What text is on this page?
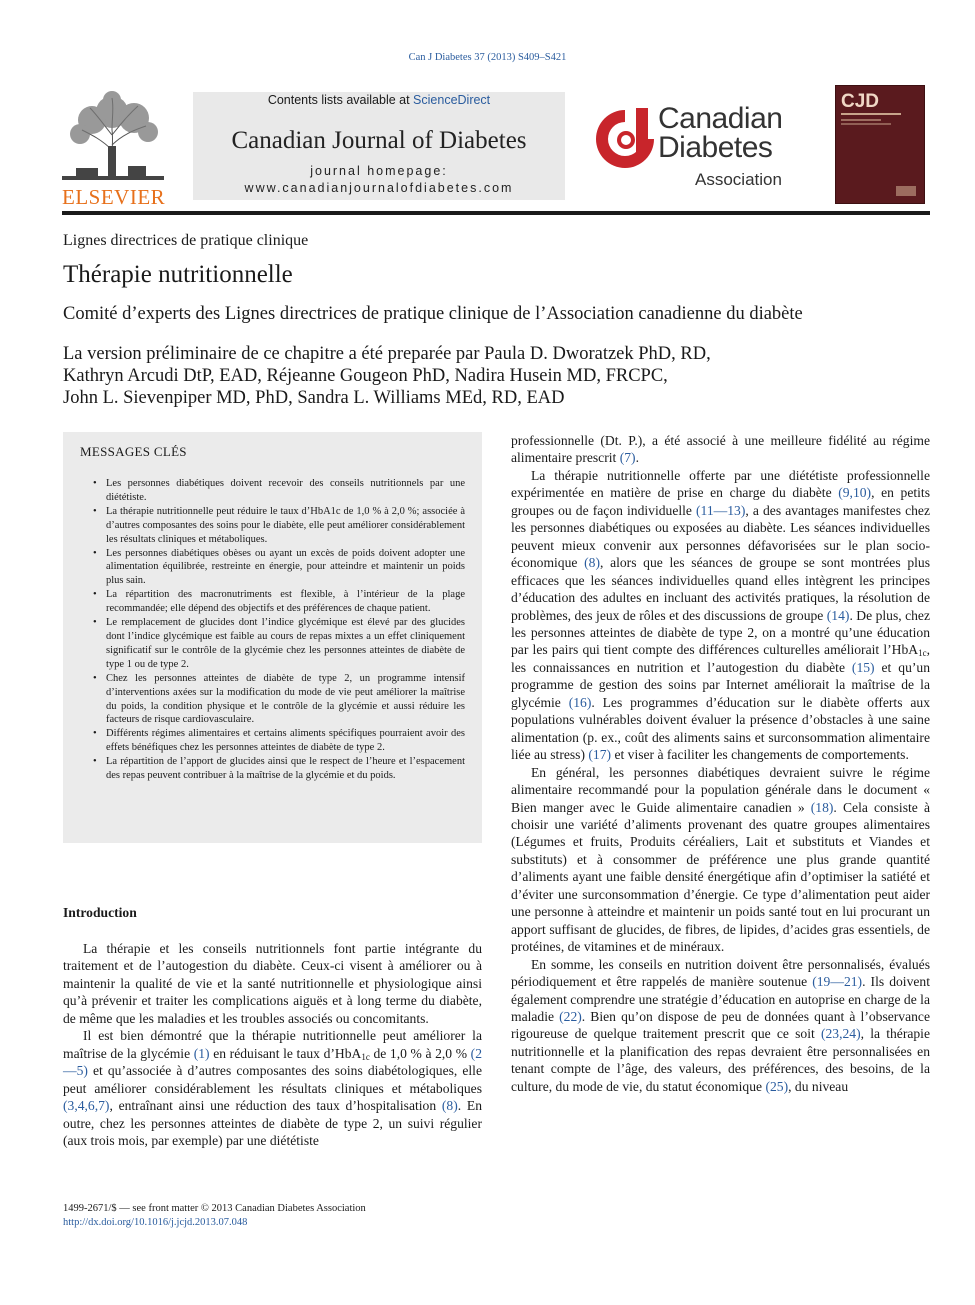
Can J Diabetes 37 (2013) S409–S421
ELSEVIER
Contents lists available at ScienceDirect
Canadian Journal of Diabetes
journal homepage:
www.canadianjournalofdiabetes.com
Canadian
Diabetes
Association
CJD
Lignes directrices de pratique clinique
Thérapie nutritionnelle
Comité d’experts des Lignes directrices de pratique clinique de l’Association canadienne du diabète
La version préliminaire de ce chapitre a été preparée par Paula D. Dworatzek PhD, RD,
Kathryn Arcudi DtP, EAD, Réjeanne Gougeon PhD, Nadira Husein MD, FRCPC,
John L. Sievenpiper MD, PhD, Sandra L. Williams MEd, RD, EAD
MESSAGES CLÉS
• Les personnes diabétiques doivent recevoir des conseils nutritionnels par une diététiste.
• La thérapie nutritionnelle peut réduire le taux d’HbA1c de 1,0 % à 2,0 %; associée à d’autres composantes des soins pour le diabète, elle peut améliorer considérablement les résultats cliniques et métaboliques.
• Les personnes diabétiques obèses ou ayant un excès de poids doivent adopter une alimentation équilibrée, restreinte en énergie, pour atteindre et maintenir un poids plus sain.
• La répartition des macronutriments est flexible, à l’intérieur de la plage recommandée; elle dépend des objectifs et des préférences de chaque patient.
• Le remplacement de glucides dont l’indice glycémique est élevé par des glucides dont l’indice glycémique est faible au cours de repas mixtes a un effet cliniquement significatif sur le contrôle de la glycémie chez les personnes atteintes de diabète de type 1 ou de type 2.
• Chez les personnes atteintes de diabète de type 2, un programme intensif d’interventions axées sur la modification du mode de vie peut améliorer la maîtrise du poids, la condition physique et le contrôle de la glycémie et aussi réduire les facteurs de risque cardiovasculaire.
• Différents régimes alimentaires et certains aliments spécifiques pourraient avoir des effets bénéfiques chez les personnes atteintes de diabète de type 2.
• La répartition de l’apport de glucides ainsi que le respect de l’heure et l’espacement des repas peuvent contribuer à la maîtrise de la glycémie et du poids.
Introduction

La thérapie et les conseils nutritionnels font partie intégrante du traitement et de l’autogestion du diabète. Ceux-ci visent à améliorer ou à maintenir la qualité de vie et la santé nutritionnelle et physiologique ainsi qu’à prévenir et traiter les complications aiguës et à long terme du diabète, de même que les maladies et les troubles associés ou concomitants.

Il est bien démontré que la thérapie nutritionnelle peut améliorer la maîtrise de la glycémie (1) en réduisant le taux d’HbA$_{1c}$ de 1,0 % à 2,0 % (2—5) et qu’associée à d’autres composantes des soins diabétologiques, elle peut améliorer considérablement les résultats cliniques et métaboliques (3,4,6,7), entraînant ainsi une réduction des taux d’hospitalisation (8). En outre, chez les personnes atteintes de diabète de type 2, un suivi régulier (aux trois mois, par exemple) par une diététiste

professionnelle (Dt. P.), a été associé à une meilleure fidélité au régime alimentaire prescrit (7).

La thérapie nutritionnelle offerte par une diététiste professionnelle expérimentée en matière de prise en charge du diabète (9,10), en petits groupes ou de façon individuelle (11—13), a des avantages manifestes chez les personnes diabétiques ou exposées au diabète. Les séances individuelles peuvent mieux convenir aux personnes défavorisées sur le plan socio-économique (8), alors que les séances de groupe se sont montrées plus efficaces que les séances individuelles quand elles intègrent les principes d’éducation des adultes en incluant des activités pratiques, la résolution de problèmes, des jeux de rôles et des discussions de groupe (14). De plus, chez les personnes atteintes de diabète de type 2, on a montré qu’une éducation par les pairs qui tient compte des différences culturelles améliorait l’HbA$_{1c}$, les connaissances en nutrition et l’autogestion du diabète (15) et qu’un programme de gestion des soins par Internet améliorait la maîtrise de la glycémie (16). Les programmes d’éducation sur le diabète offerts aux populations vulnérables doivent évaluer la présence d’obstacles à une saine alimentation (p. ex., coût des aliments sains et surconsommation alimentaire liée au stress) (17) et viser à faciliter les changements de comportements.

En général, les personnes diabétiques devraient suivre le régime alimentaire recommandé pour la population générale dans le document « Bien manger avec le Guide alimentaire canadien » (18). Cela consiste à choisir une variété d’aliments provenant des quatre groupes alimentaires (Légumes et fruits, Produits céréaliers, Lait et substituts et Viandes et substituts) et à consommer de préférence une plus grande quantité d’aliments ayant une faible densité énergétique afin d’optimiser la satiété et d’éviter une surconsommation d’énergie. Ce type d’alimentation peut aider une personne à atteindre et maintenir un poids santé tout en lui procurant un apport suffisant de glucides, de fibres, de lipides, d’acides gras essentiels, de protéines, de vitamines et de minéraux.

En somme, les conseils en nutrition doivent être personnalisés, évalués périodiquement et être rappelés de manière soutenue (19—21). Ils doivent également comprendre une stratégie d’éducation en autoprise en charge de la maladie (22). Bien qu’on dispose de peu de données quant à l’observance rigoureuse de quelque traitement prescrit que ce soit (23,24), la thérapie nutritionnelle et la planification des repas devraient être personnalisées en tenant compte de l’âge, des valeurs, des préférences, des besoins, de la culture, du mode de vie, du statut économique (25), du niveau

1499-2671/$ — see front matter © 2013 Canadian Diabetes Association
http://dx.doi.org/10.1016/j.jcjd.2013.07.048
